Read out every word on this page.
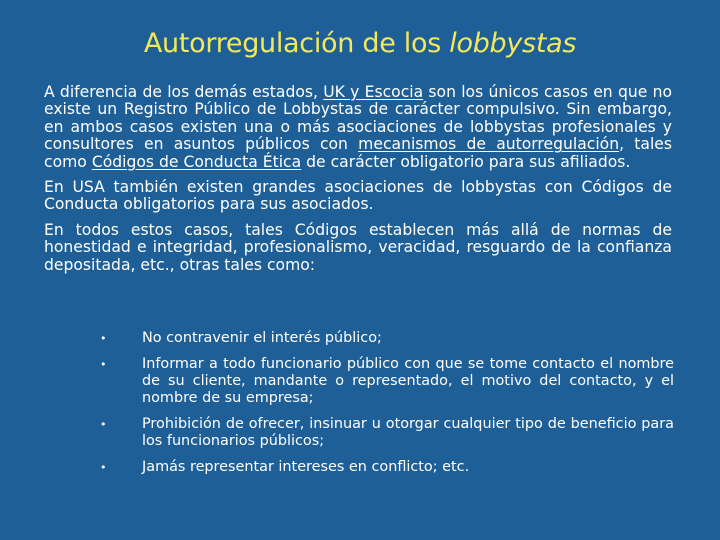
Autorregulación de los lobbystas

A diferencia de los demás estados, UK y Escocia son los únicos casos en que no existe un Registro Público de Lobbystas de carácter compulsivo. Sin embargo, en ambos casos existen una o más asociaciones de lobbystas profesionales y consultores en asuntos públicos con mecanismos de autorregulación, tales como Códigos de Conducta Ética de carácter obligatorio para sus afiliados.

En USA también existen grandes asociaciones de lobbystas con Códigos de Conducta obligatorios para sus asociados.

En todos estos casos, tales Códigos establecen más allá de normas de honestidad e integridad, profesionalismo, veracidad, resguardo de la confianza depositada, etc., otras tales como:

• No contravenir el interés público;
• Informar a todo funcionario público con que se tome contacto el nombre de su cliente, mandante o representado, el motivo del contacto, y el nombre de su empresa;
• Prohibición de ofrecer, insinuar u otorgar cualquier tipo de beneficio para los funcionarios públicos;
• Jamás representar intereses en conflicto; etc.
